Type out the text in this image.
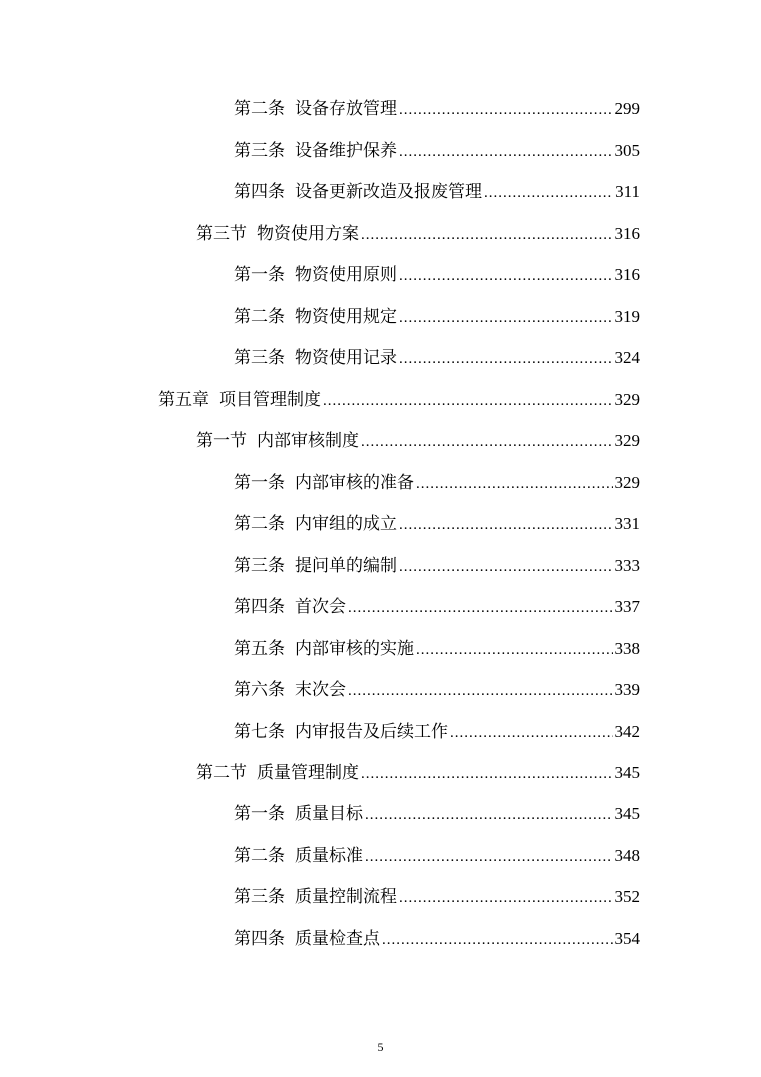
第二条 设备存放管理 .....	299
第三条 设备维护保养 .....	305
第四条 设备更新改造及报废管理 .....	311
第三节 物资使用方案 .....	316
第一条 物资使用原则 .....	316
第二条 物资使用规定 .....	319
第三条 物资使用记录 .....	324
第五章 项目管理制度 .....	329
第一节 内部审核制度 .....	329
第一条 内部审核的准备 .....	329
第二条 内审组的成立 .....	331
第三条 提问单的编制 .....	333
第四条 首次会 .....	337
第五条 内部审核的实施 .....	338
第六条 末次会 .....	339
第七条 内审报告及后续工作 .....	342
第二节 质量管理制度 .....	345
第一条 质量目标 .....	345
第二条 质量标准 .....	348
第三条 质量控制流程 .....	352
第四条 质量检查点 .....	354
5
